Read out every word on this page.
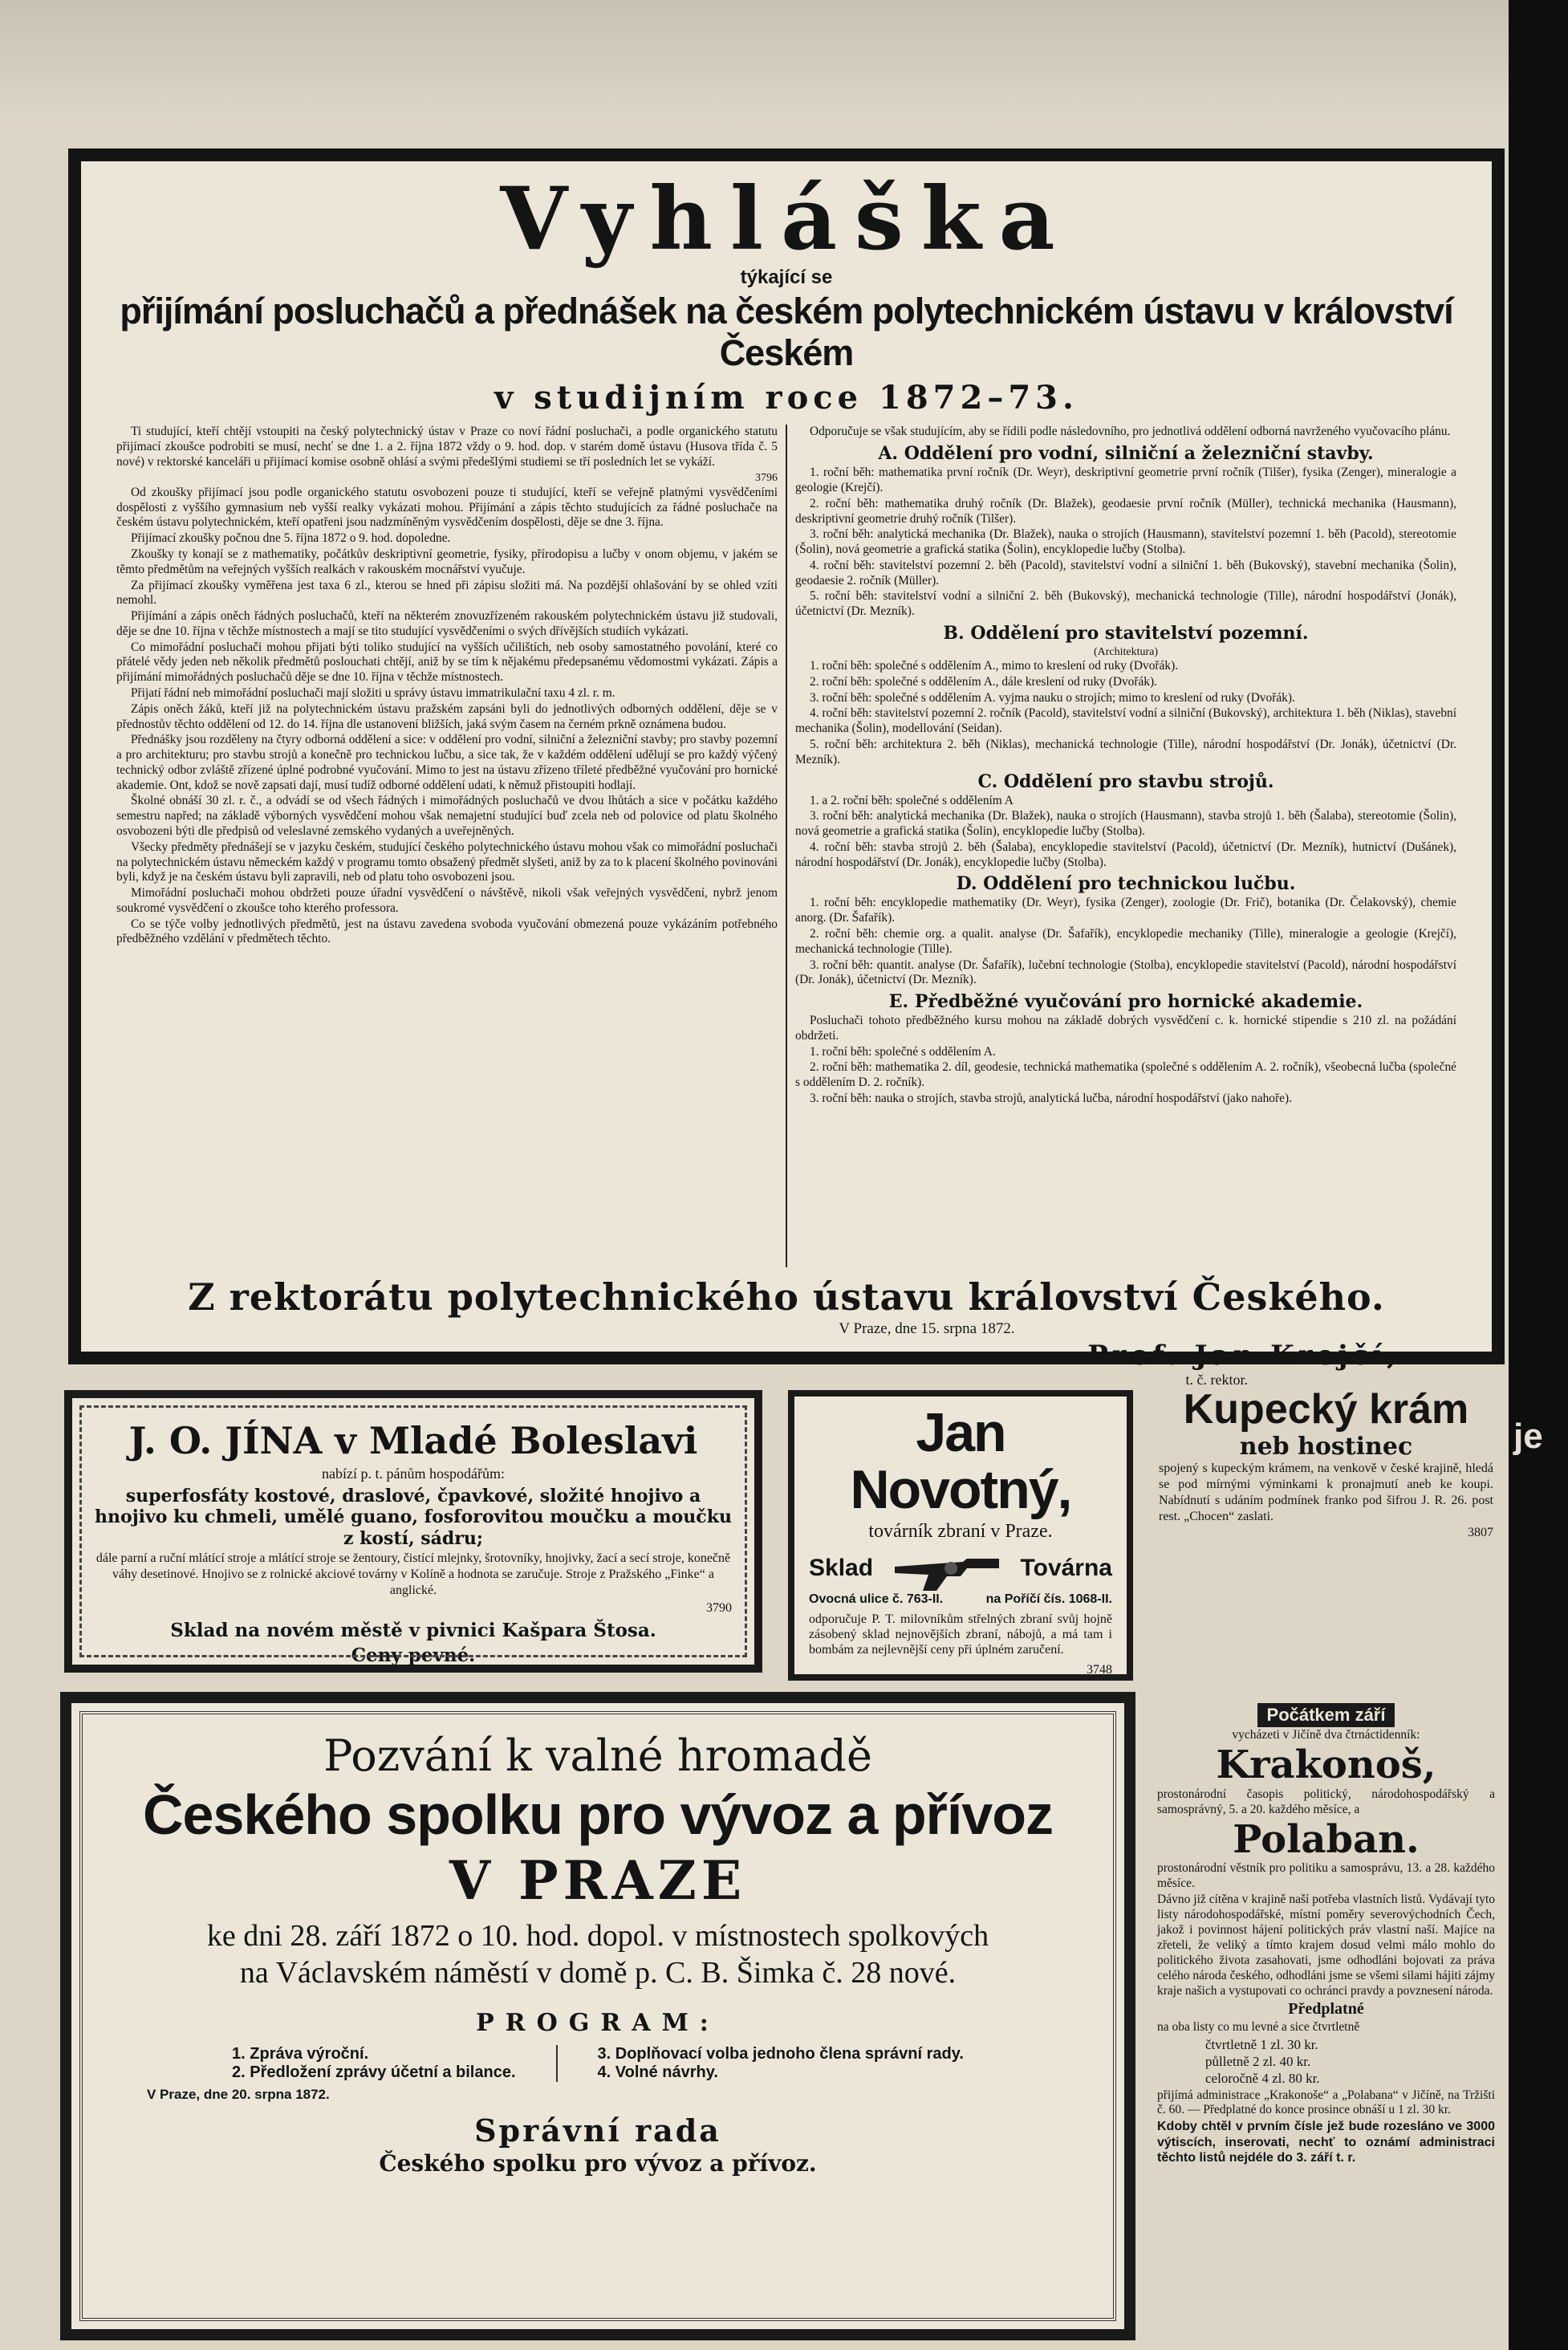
je
Vyhláška
týkající se
přijímání posluchačů a přednášek na českém polytechnickém ústavu v království Českém
v studijním roce 1872–73.

Ti studující, kteří chtějí vstoupiti na český polytechnický ústav v Praze co noví řádní posluchači, a podle organického statutu přijímací zkoušce podrobiti se musí, nechť se dne 1. a 2. října 1872 vždy o 9. hod. dop. v starém domě ústavu (Husova třída č. 5 nové) v rektorské kanceláři u přijímací komise osobně ohlásí a svými předešlými studiemi se tří posledních let se vykáží.

3796

Od zkoušky přijímací jsou podle organického statutu osvobozeni pouze ti studující, kteří se veřejně platnými vysvědčeními dospělosti z vyššího gymnasium neb vyšší realky vykázati mohou. Přijímání a zápis těchto studujících za řádné posluchače na českém ústavu polytechnickém, kteří opatřeni jsou nadzmíněným vysvědčením dospělosti, děje se dne 3. října.

Přijímací zkoušky počnou dne 5. října 1872 o 9. hod. dopoledne.

Zkoušky ty konají se z mathematiky, počátkův deskriptivní geometrie, fysiky, přírodopisu a lučby v onom objemu, v jakém se těmto předmětům na veřejných vyšších realkách v rakouském mocnářství vyučuje.

Za přijímací zkoušky vyměřena jest taxa 6 zl., kterou se hned při zápisu složiti má. Na pozdější ohlašování by se ohled vzíti nemohl.

Přijímání a zápis oněch řádných posluchačů, kteří na některém znovuzřízeném rakouském polytechnickém ústavu již studovali, děje se dne 10. října v těchže místnostech a mají se tito studující vysvědčeními o svých dřívějších studiích vykázati.

Co mimořádní posluchači mohou přijati býti toliko studující na vyšších učilištích, neb osoby samostatného povolání, které co přátelé vědy jeden neb několik předmětů poslouchati chtějí, aniž by se tím k nějakému předepsanému vědomostmi vykázati. Zápis a přijímání mimořádných posluchačů děje se dne 10. října v těchže místnostech.

Přijatí řádní neb mimořádní posluchači mají složiti u správy ústavu immatrikulační taxu 4 zl. r. m.

Zápis oněch žáků, kteří již na polytechnickém ústavu pražském zapsáni byli do jednotlivých odborných oddělení, děje se v přednostův těchto oddělení od 12. do 14. října dle ustanovení bližších, jaká svým časem na černém prkně oznámena budou.

Přednášky jsou rozděleny na čtyry odborná oddělení a sice: v oddělení pro vodní, silniční a železniční stavby; pro stavby pozemní a pro architekturu; pro stavbu strojů a konečně pro technickou lučbu, a sice tak, že v každém oddělení udělují se pro každý výčený technický odbor zvláště zřízené úplné podrobné vyučování. Mimo to jest na ústavu zřízeno tříleté předběžné vyučování pro hornické akademie. Ont, kdož se nově zapsati dají, musí tudíž odborné oddělení udati, k němuž přistoupiti hodlají.

Školné obnáší 30 zl. r. č., a odvádí se od všech řádných i mimořádných posluchačů ve dvou lhůtách a sice v počátku každého semestru napřed; na základě výborných vysvědčení mohou však nemajetní studující buď zcela neb od polovice od platu školného osvobozeni býti dle předpisů od veleslavné zemského vydaných a uveřejněných.

Všecky předměty přednášejí se v jazyku českém, studující českého polytechnického ústavu mohou však co mimořádní posluchači na polytechnickém ústavu německém každý v programu tomto obsažený předmět slyšeti, aniž by za to k placení školného povinováni byli, když je na českém ústavu byli zapravili, neb od platu toho osvobozeni jsou.

Mimořádní posluchači mohou obdržeti pouze úřadní vysvědčení o návštěvě, nikoli však veřejných vysvědčení, nybrž jenom soukromé vysvědčení o zkoušce toho kterého professora.

Co se týče volby jednotlivých předmětů, jest na ústavu zavedena svoboda vyučování obmezená pouze vykázáním potřebného předběžného vzdělání v předmětech těchto.

Odporučuje se však studujícím, aby se řídili podle následovního, pro jednotlivá oddělení odborná navrženého vyučovacího plánu.

A. Oddělení pro vodní, silniční a železniční stavby.

1. roční běh: mathematika první ročník (Dr. Weyr), deskriptivní geometrie první ročník (Tilšer), fysika (Zenger), mineralogie a geologie (Krejčí).

2. roční běh: mathematika druhý ročník (Dr. Blažek), geodaesie první ročník (Müller), technická mechanika (Hausmann), deskriptivní geometrie druhý ročník (Tilšer).

3. roční běh: analytická mechanika (Dr. Blažek), nauka o strojích (Hausmann), stavitelství pozemní 1. běh (Pacold), stereotomie (Šolin), nová geometrie a grafická statika (Šolin), encyklopedie lučby (Stolba).

4. roční běh: stavitelství pozemní 2. běh (Pacold), stavitelství vodní a silniční 1. běh (Bukovský), stavební mechanika (Šolin), geodaesie 2. ročník (Müller).

5. roční běh: stavitelství vodní a silniční 2. běh (Bukovský), mechanická technologie (Tille), národní hospodářství (Jonák), účetnictví (Dr. Mezník).

B. Oddělení pro stavitelství pozemní.

(Architektura)

1. roční běh: společné s oddělením A., mimo to kreslení od ruky (Dvořák).

2. roční běh: společné s oddělením A., dále kreslení od ruky (Dvořák).

3. roční běh: společné s oddělením A. vyjma nauku o strojích; mimo to kreslení od ruky (Dvořák).

4. roční běh: stavitelství pozemní 2. ročník (Pacold), stavitelství vodní a silniční (Bukovský), architektura 1. běh (Niklas), stavební mechanika (Šolin), modellování (Seidan).

5. roční běh: architektura 2. běh (Niklas), mechanická technologie (Tille), národní hospodářství (Dr. Jonák), účetnictví (Dr. Mezník).

C. Oddělení pro stavbu strojů.

1. a 2. roční běh: společné s oddělením A

3. roční běh: analytická mechanika (Dr. Blažek), nauka o strojích (Hausmann), stavba strojů 1. běh (Šalaba), stereotomie (Šolin), nová geometrie a grafická statika (Šolin), encyklopedie lučby (Stolba).

4. roční běh: stavba strojů 2. běh (Šalaba), encyklopedie stavitelství (Pacold), účetnictví (Dr. Mezník), hutnictví (Dušánek), národní hospodářství (Dr. Jonák), encyklopedie lučby (Stolba).

D. Oddělení pro technickou lučbu.

1. roční běh: encyklopedie mathematiky (Dr. Weyr), fysika (Zenger), zoologie (Dr. Frič), botanika (Dr. Čelakovský), chemie anorg. (Dr. Šafařík).

2. roční běh: chemie org. a qualit. analyse (Dr. Šafařík), encyklopedie mechaniky (Tille), mineralogie a geologie (Krejčí), mechanická technologie (Tille).

3. roční běh: quantit. analyse (Dr. Šafařík), lučební technologie (Stolba), encyklopedie stavitelství (Pacold), národní hospodářství (Dr. Jonák), účetnictví (Dr. Mezník).

E. Předběžné vyučování pro hornické akademie.

Posluchači tohoto předběžného kursu mohou na základě dobrých vysvědčení c. k. hornické stipendie s 210 zl. na požádání obdržeti.

1. roční běh: společné s oddělením A.

2. roční běh: mathematika 2. díl, geodesie, technická mathematika (společné s oddělením A. 2. ročník), všeobecná lučba (společné s oddělením D. 2. ročník).

3. roční běh: nauka o strojích, stavba strojů, analytická lučba, národní hospodářství (jako nahoře).

Z rektorátu polytechnického ústavu království Českého.
V Praze, dne 15. srpna 1872.
Prof. Jan Krejčí,
t. č. rektor.
J. O. JÍNA v Mladé Boleslavi
nabízí p. t. pánům hospodářům:
superfosfáty kostové, draslové, čpavkové, složité hnojivo a hnojivo ku chmeli, umělé guano, fosforovitou moučku a moučku z kostí, sádru;
dále parní a ruční mlátící stroje a mlátící stroje se žentoury, čistící mlejnky, šrotovníky, hnojivky, žací a secí stroje, konečně váhy desetinové. Hnojivo se z rolnické akciové továrny v Kolíně a hodnota se zaručuje. Stroje z Pražského „Finke“ a anglické.
3790
Sklad na novém městě v pivnici Kašpara Štosa.
Ceny pevné.
Jan Novotný,
továrník zbraní v Praze.
Sklad	Továrna
Ovocná ulice č. 763-II.	na Poříčí čís. 1068-II.
odporučuje P. T. milovníkům střelných zbraní svůj hojně zásobený sklad nejnovějších zbraní, nábojů, a má tam i bombám za nejlevnější ceny při úplném zaručení.
3748
Kupecký krám
neb hostinec
spojený s kupeckým krámem, na venkově v české krajině, hledá se pod mírnými výminkami k pronajmutí aneb ke koupi. Nabídnutí s udáním podmínek franko pod šifrou J. R. 26. post rest. „Chocen“ zaslati.
3807
Počátkem září
vycházeti v Jičíně dva čtrnáctidenník:
Krakonoš,
prostonárodní časopis politický, národohospodářský a samosprávný, 5. a 20. každého měsíce, a
Polaban.
prostonárodní věstník pro politiku a samosprávu, 13. a 28. každého měsíce.
Dávno již cítěna v krajině naší potřeba vlastních listů. Vydávají tyto listy národohospodářské, místní poměry severovýchodních Čech, jakož i povinnost hájení politických práv vlastní naší. Majíce na zřeteli, že veliký a tímto krajem dosud velmi málo mohlo do politického života zasahovati, jsme odhodláni bojovati za práva celého národa českého, odhodláni jsme se všemi silami hájiti zájmy kraje našich a vystupovati co ochránci pravdy a povznesení národa.
Předplatné
na oba listy co mu levné a sice čtvrtletně
čtvrtletně 1 zl. 30 kr.
půlletně 2 zl. 40 kr.
celoročně 4 zl. 80 kr.
přijímá administrace „Krakonoše“ a „Polabana“ v Jičíně, na Tržišti č. 60. — Předplatné do konce prosince obnáší u 1 zl. 30 kr.
Kdoby chtěl v prvním čísle jež bude rozesláno ve 3000 výtiscích, inserovati, nechť to oznámí administraci těchto listů nejdéle do 3. září t. r.
Pozvání k valné hromadě
Českého spolku pro vývoz a přívoz
V PRAZE
ke dni 28. září 1872 o 10. hod. dopol. v místnostech spolkových
na Václavském náměstí v domě p. C. B. Šimka č. 28 nové.
PROGRAM:
1. Zpráva výroční.
2. Předložení zprávy účetní a bilance.
3. Doplňovací volba jednoho člena správní rady.
4. Volné návrhy.
V Praze, dne 20. srpna 1872.
Správní rada
Českého spolku pro vývoz a přívoz.
